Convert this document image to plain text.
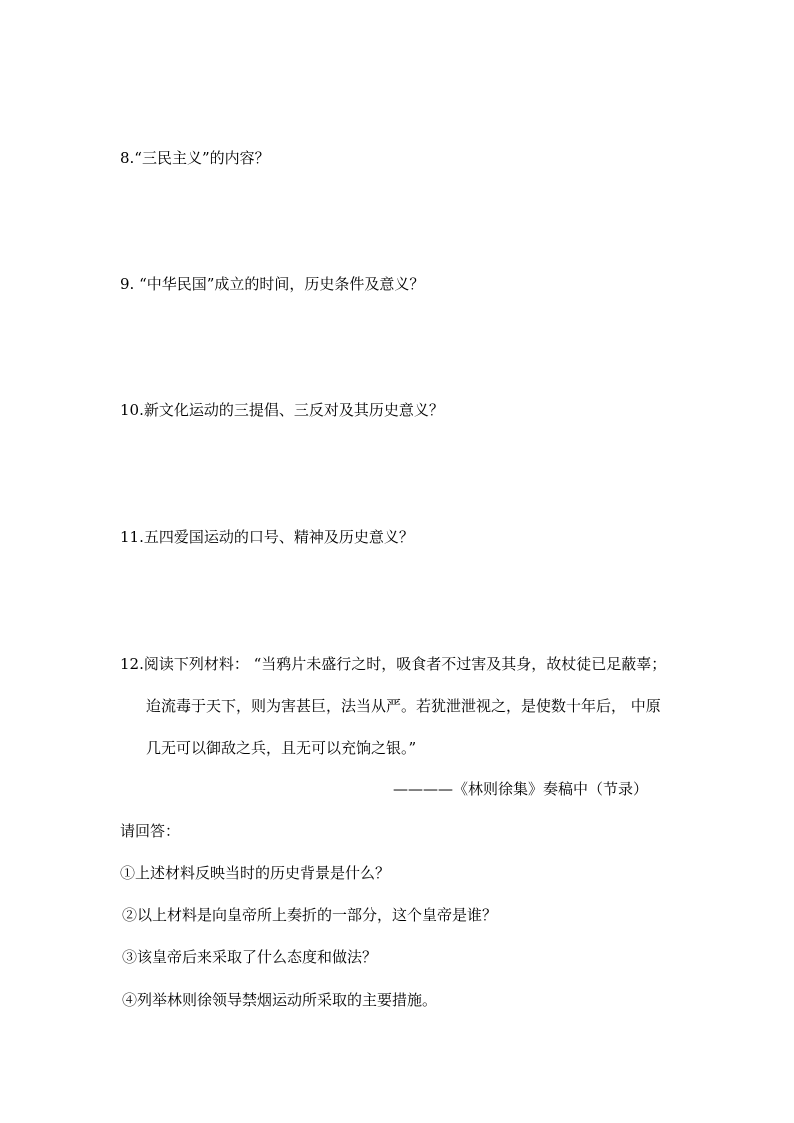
8.“三民主义”的内容？
9. “中华民国”成立的时间，历史条件及意义？
10.新文化运动的三提倡、三反对及其历史意义？
11.五四爱国运动的口号、精神及历史意义？
12.阅读下列材料： “当鸦片未盛行之时，吸食者不过害及其身，故杖徒已足蔽辜；
迨流毒于天下，则为害甚巨，法当从严。若犹泄泄视之，是使数十年后， 中原
几无可以御敌之兵，且无可以充饷之银。”
————《林则徐集》奏稿中（节录）
请回答：
①上述材料反映当时的历史背景是什么？
②以上材料是向皇帝所上奏折的一部分，这个皇帝是谁？
③该皇帝后来采取了什么态度和做法？
④列举林则徐领导禁烟运动所采取的主要措施。
